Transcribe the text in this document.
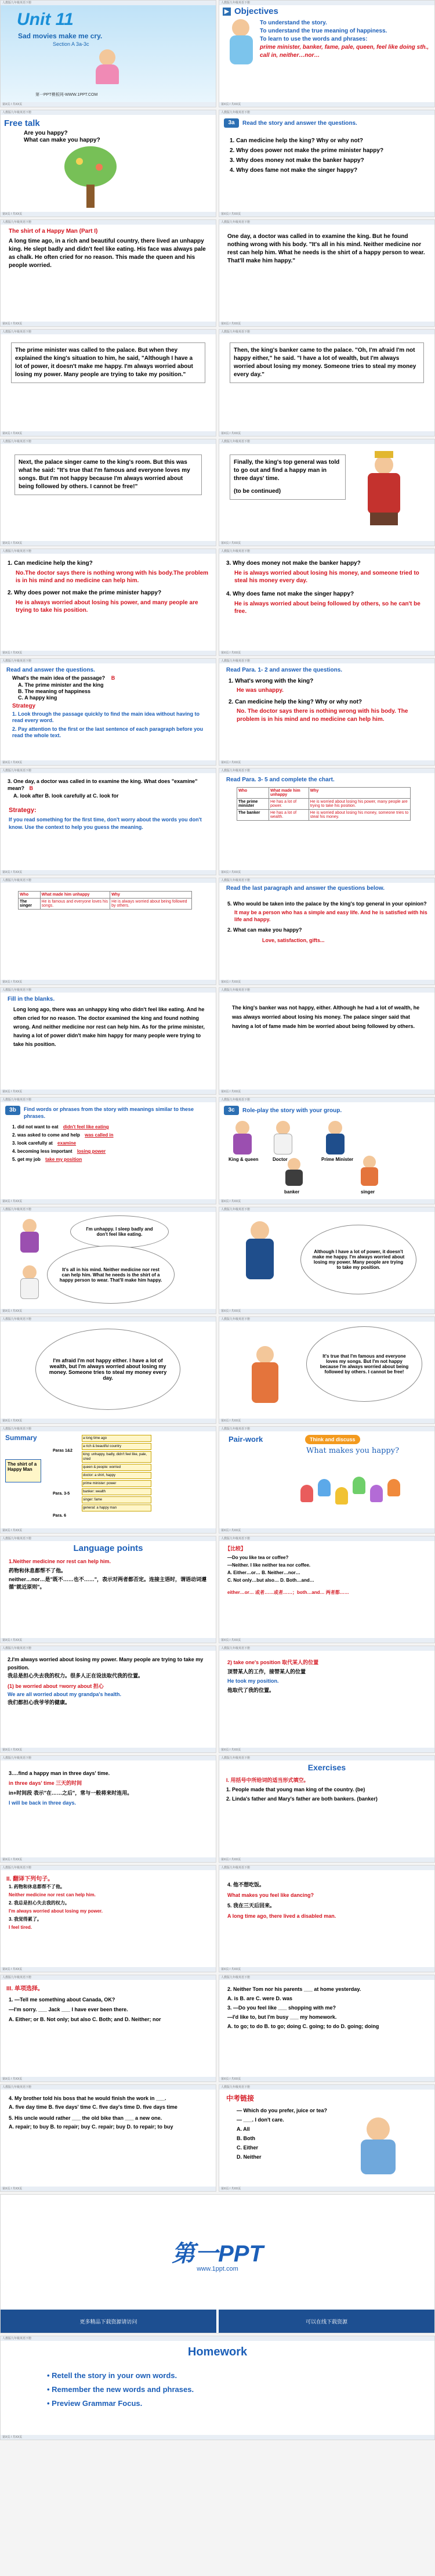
人教版九年级英语下册
Unit 11
Sad movies make me cry.
Section A 3a-3c
第一PPT模板网-WWW.1PPT.COM
第X页 / 共XX页
人教版九年级英语下册
▶ Objectives
To understand the story.
To understand the true meaning of happiness.
To learn to use the words and phrases:
prime minister, banker, fame, pale, queen, feel like doing sth., call in, neither…nor…
第X页 / 共XX页
人教版九年级英语下册
Free talk
Are you happy?
What can make you happy?
第X页 / 共XX页
人教版九年级英语下册
3a	Read the story and answer the questions.
1. Can medicine help the king? Why or why not?
2. Why does power not make the prime minister happy?
3. Why does money not make the banker happy?
4. Why does fame not make the singer happy?
第X页 / 共XX页
人教版九年级英语下册
The shirt of a Happy Man (Part I)
A long time ago, in a rich and beautiful country, there lived an unhappy king. He slept badly and didn't feel like eating. His face was always pale as chalk. He often cried for no reason. This made the queen and his people worried.
第X页 / 共XX页
人教版九年级英语下册
One day, a doctor was called in to examine the king. But he found nothing wrong with his body. "It's all in his mind. Neither medicine nor rest can help him. What he needs is the shirt of a happy person to wear. That'll make him happy."
第X页 / 共XX页
人教版九年级英语下册
The prime minister was called to the palace. But when they explained the king's situation to him, he said, "Although I have a lot of power, it doesn't make me happy. I'm always worried about losing my power. Many people are trying to take my position."
第X页 / 共XX页
人教版九年级英语下册
Then, the king's banker came to the palace. "Oh, I'm afraid I'm not happy either," he said. "I have a lot of wealth, but I'm always worried about losing my money. Someone tries to steal my money every day."
第X页 / 共XX页
人教版九年级英语下册
Next, the palace singer came to the king's room. But this was what he said: "It's true that I'm famous and everyone loves my songs. But I'm not happy because I'm always worried about being followed by others. I cannot be free!"
第X页 / 共XX页
人教版九年级英语下册
Finally, the king's top general was told to go out and find a happy man in three days' time.
(to be continued)
第X页 / 共XX页
人教版九年级英语下册
1. Can medicine help the king?
No.The doctor says there is nothing wrong with his body.The problem is in his mind and no medicine can help him.
2. Why does power not make the prime minister happy?
He is always worried about losing his power, and many people are trying to take his position.
第X页 / 共XX页
人教版九年级英语下册
3. Why does money not make the banker happy?
He is always worried about losing his money, and someone tried to steal his money every day.
4. Why does fame not make the singer happy?
He is always worried about being followed by others, so he can't be free.
第X页 / 共XX页
人教版九年级英语下册
Read and answer the questions.
What's the main idea of the passage? B
A. The prime minister and the king
B. The meaning of happiness
C. A happy king
Strategy
1. Look through the passage quickly to find the main idea without having to read every word.
2. Pay attention to the first or the last sentence of each paragraph before you read the whole text.
第X页 / 共XX页
人教版九年级英语下册
Read Para. 1- 2 and answer the questions.
1. What's wrong with the king?
He was unhappy.
2. Can medicine help the king? Why or why not?
No. The doctor says there is nothing wrong with his body. The problem is in his mind and no medicine can help him.
第X页 / 共XX页
人教版九年级英语下册
3. One day, a doctor was called in to examine the king. What does "examine" mean? B
A. look after B. look carefully at C. look for
Strategy:
If you read something for the first time, don't worry about the words you don't know. Use the context to help you guess the meaning.
第X页 / 共XX页
人教版九年级英语下册
Read Para. 3- 5 and complete the chart.
Who	What made him unhappy	Why
The prime minister	He has a lot of power.	He is worried about losing his power, many people are trying to take his position.
The banker	He has a lot of wealth.	He is worried about losing his money, someone tries to steal his money.
第X页 / 共XX页
人教版九年级英语下册
Who	What made him unhappy	Why
The singer	He is famous and everyone loves his songs.	He is always worried about being followed by others.
第X页 / 共XX页
人教版九年级英语下册
Read the last paragraph and answer the questions below.
5. Who would be taken into the palace by the king's top general in your opinion?
It may be a person who has a simple and easy life. And he is satisfied with his life and happy.
2. What can make you happy?
Love, satisfaction, gifts...
第X页 / 共XX页
人教版九年级英语下册
Fill in the blanks.
Long long ago, there was an unhappy king who didn't feel like eating. And he often cried for no reason. The doctor examined the king and found nothing wrong. And neither medicine nor rest can help him. As for the prime minister, having a lot of power didn't make him happy for many people were trying to take his position.
第X页 / 共XX页
人教版九年级英语下册
The king's banker was not happy, either. Although he had a lot of wealth, he was always worried about losing his money. The palace singer said that having a lot of fame made him be worried about being followed by others.
第X页 / 共XX页
人教版九年级英语下册
3b	Find words or phrases from the story with meanings similar to these phrases.
1. did not want to eat didn't feel like eating
2. was asked to come and help was called in
3. look carefully at examine
4. becoming less important losing power
5. get my job take my position
第X页 / 共XX页
人教版九年级英语下册
3c	Role-play the story with your group.
King & queen	Doctor	Prime Minister
banker	singer
第X页 / 共XX页
人教版九年级英语下册
I'm unhappy. I sleep badly and don't feel like eating.
It's all in his mind. Neither medicine nor rest can help him. What he needs is the shirt of a happy person to wear. That'll make him happy.
第X页 / 共XX页
人教版九年级英语下册
Although I have a lot of power, it doesn't make me happy. I'm always worried about losing my power. Many people are trying to take my position.
第X页 / 共XX页
人教版九年级英语下册
I'm afraid I'm not happy either. I have a lot of wealth, but I'm always worried about losing my money. Someone tries to steal my money every day.
第X页 / 共XX页
人教版九年级英语下册
It's true that I'm famous and everyone loves my songs. But I'm not happy because I'm always worried about being followed by others. I cannot be free!
第X页 / 共XX页
人教版九年级英语下册
Summary
The shirt of a Happy Man
Paras 1&2
Para. 3-5
Para. 6
a long time ago
a rich & beautiful country
king: unhappy, badly, didn't feel like, pale, cried
queen & people: worried
doctor: a shirt, happy
prime minister: power
banker: wealth
singer: fame
general: a happy man
第X页 / 共XX页
人教版九年级英语下册
Pair-work	Think and discuss
What makes you happy?
第X页 / 共XX页
人教版九年级英语下册
Language points
1.Neither medicine nor rest can help him.
药物和休息都帮不了他。
neither…nor…是"既不……也不……"，表示对两者都否定。连接主语时，谓语动词遵循"就近原则"。
第X页 / 共XX页
人教版九年级英语下册
【比较】
—Do you like tea or coffee?
—Neither. I like neither tea nor coffee.
A. Either…or… B. Neither…nor…
C. Not only…but also… D. Both…and…
either…or… 或者……或者……；both…and… 两者都……
第X页 / 共XX页
人教版九年级英语下册
2.I'm always worried about losing my power. Many people are trying to take my position.
我总是担心失去我的权力。很多人正在设法取代我的位置。
(1) be worried about =worry about 担心
We are all worried about my grandpa's health.
我们都担心我爷爷的健康。
第X页 / 共XX页
人教版九年级英语下册
2) take one's position 取代某人的位置
顶替某人的工作，接替某人的位置
He took my position.
他取代了我的位置。
第X页 / 共XX页
人教版九年级英语下册
3.…find a happy man in three days' time.
in three days' time 三天的时间
in+时间段 表示"在……之后"，常与一般将来时连用。
I will be back in three days.
第X页 / 共XX页
人教版九年级英语下册
Exercises
I. 用括号中所给词的适当形式填空。
1. People made that young man king of the country. (be)
2. Linda's father and Mary's father are both bankers. (banker)
第X页 / 共XX页
人教版九年级英语下册
II. 翻译下列句子。
1. 药物和休息都帮不了他。
Neither medicine nor rest can help him.
2. 我总是担心失去我的权力。
I'm always worried about losing my power.
3. 我觉得累了。
I feel tired.
第X页 / 共XX页
人教版九年级英语下册
4. 他不想吃饭。
What makes you feel like dancing?
5. 我在三天后回来。
A long time ago, there lived a disabled man.
第X页 / 共XX页
人教版九年级英语下册
III. 单项选择。
1. —Tell me something about Canada, OK?
—I'm sorry. ___ Jack ___ I have ever been there.
A. Either; or B. Not only; but also C. Both; and D. Neither; nor
第X页 / 共XX页
人教版九年级英语下册
2. Neither Tom nor his parents ___ at home yesterday.
A. is B. are C. were D. was
3. —Do you feel like ___ shopping with me?
—I'd like to, but I'm busy ___ my homework.
A. to go; to do B. to go; doing C. going; to do D. going; doing
第X页 / 共XX页
人教版九年级英语下册
4. My brother told his boss that he would finish the work in ___.
A. five day time B. five days' time C. five day's time D. five days time
5. His uncle would rather ___ the old bike than ___ a new one.
A. repair; to buy B. to repair; buy C. repair; buy D. to repair; to buy
第X页 / 共XX页
人教版九年级英语下册
中考链接
— Which do you prefer, juice or tea?
— ___. I don't care.
A. All
B. Both
C. Either
D. Neither
第X页 / 共XX页
第一PPT
www.1ppt.com
更多精品下载资源请访问	可以在线下载资源
人教版九年级英语下册
Homework
• Retell the story in your own words.
• Remember the new words and phrases.
• Preview Grammar Focus.
第X页 / 共XX页
